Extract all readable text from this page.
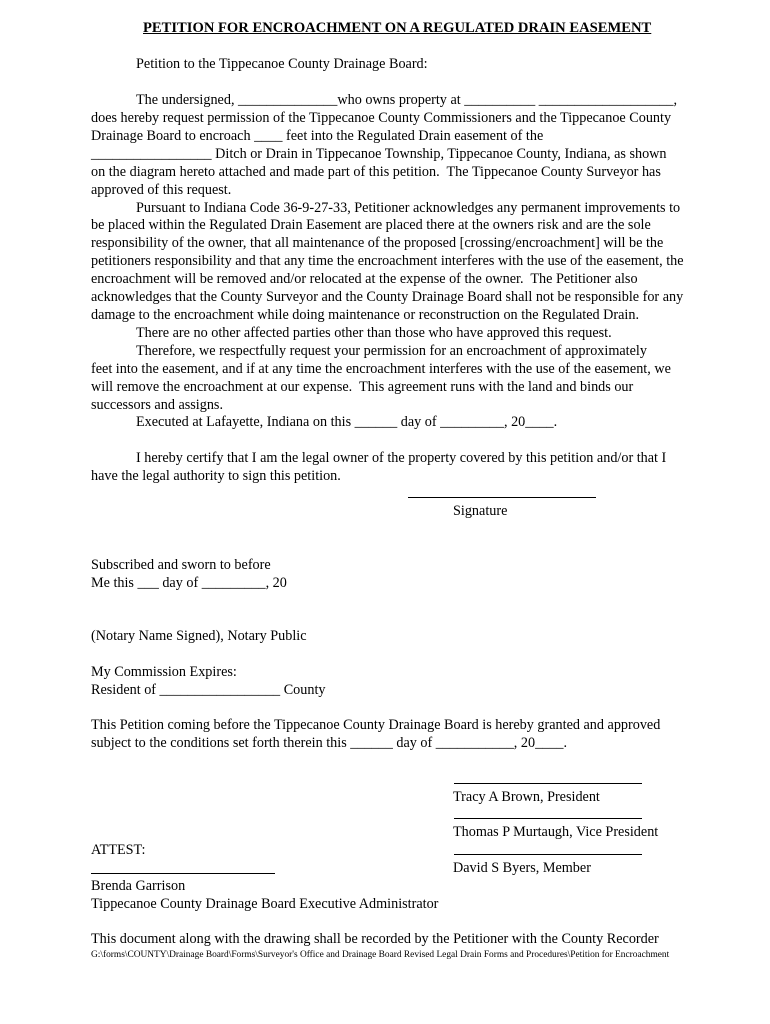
PETITION FOR ENCROACHMENT ON A REGULATED DRAIN EASEMENT
Petition to the Tippecanoe County Drainage Board:
The undersigned, ______________who owns property at __________ ___________________,
does hereby request permission of the Tippecanoe County Commissioners and the Tippecanoe County
Drainage Board to encroach ____ feet into the Regulated Drain easement of the
_________________ Ditch or Drain in Tippecanoe Township, Tippecanoe County, Indiana, as shown
on the diagram hereto attached and made part of this petition.  The Tippecanoe County Surveyor has
approved of this request.
Pursuant to Indiana Code 36-9-27-33, Petitioner acknowledges any permanent improvements to
be placed within the Regulated Drain Easement are placed there at the owners risk and are the sole
responsibility of the owner, that all maintenance of the proposed [crossing/encroachment] will be the
petitioners responsibility and that any time the encroachment interferes with the use of the easement, the
encroachment will be removed and/or relocated at the expense of the owner.  The Petitioner also
acknowledges that the County Surveyor and the County Drainage Board shall not be responsible for any
damage to the encroachment while doing maintenance or reconstruction on the Regulated Drain.
There are no other affected parties other than those who have approved this request.
Therefore, we respectfully request your permission for an encroachment of approximately
feet into the easement, and if at any time the encroachment interferes with the use of the easement, we
will remove the encroachment at our expense.  This agreement runs with the land and binds our
successors and assigns.
Executed at Lafayette, Indiana on this ______ day of _________, 20____.
I hereby certify that I am the legal owner of the property covered by this petition and/or that I
have the legal authority to sign this petition.
Signature
Subscribed and sworn to before
Me this ___ day of _________, 20
(Notary Name Signed), Notary Public
My Commission Expires:
Resident of _________________ County
This Petition coming before the Tippecanoe County Drainage Board is hereby granted and approved
subject to the conditions set forth therein this ______ day of ___________, 20____.
Tracy A Brown, President
Thomas P Murtaugh, Vice President
David S Byers, Member
ATTEST:
Brenda Garrison
Tippecanoe County Drainage Board Executive Administrator
This document along with the drawing shall be recorded by the Petitioner with the County Recorder
G:\forms\COUNTY\Drainage Board\Forms\Surveyor's Office and Drainage Board Revised Legal Drain Forms and Procedures\Petition for Encroachment
